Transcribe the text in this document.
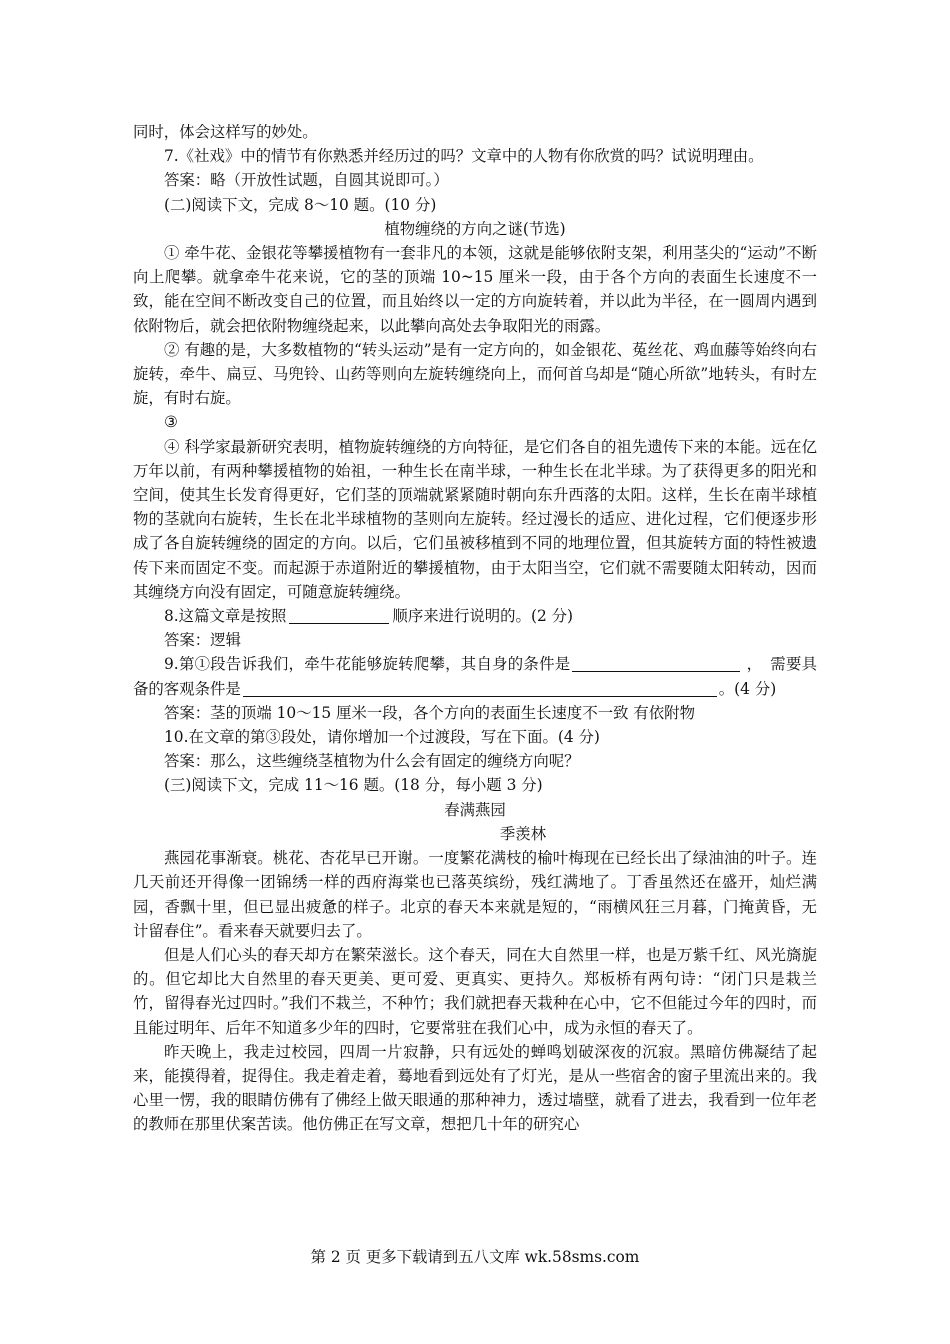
同时，体会这样写的妙处。

7.《社戏》中的情节有你熟悉并经历过的吗？文章中的人物有你欣赏的吗？试说明理由。

答案：略（开放性试题，自圆其说即可。）

(二)阅读下文，完成 8～10 题。(10 分)

植物缠绕的方向之谜(节选)

① 牵牛花、金银花等攀援植物有一套非凡的本领，这就是能够依附支架，利用茎尖的“运动”不断向上爬攀。就拿牵牛花来说，它的茎的顶端 10~15 厘米一段，由于各个方向的表面生长速度不一致，能在空间不断改变自己的位置，而且始终以一定的方向旋转着，并以此为半径，在一圆周内遇到依附物后，就会把依附物缠绕起来，以此攀向高处去争取阳光的雨露。

② 有趣的是，大多数植物的“转头运动”是有一定方向的，如金银花、菟丝花、鸡血藤等始终向右旋转，牵牛、扁豆、马兜铃、山药等则向左旋转缠绕向上，而何首乌却是“随心所欲”地转头，有时左旋，有时右旋。

③

④ 科学家最新研究表明，植物旋转缠绕的方向特征，是它们各自的祖先遗传下来的本能。远在亿万年以前，有两种攀援植物的始祖，一种生长在南半球，一种生长在北半球。为了获得更多的阳光和空间，使其生长发育得更好，它们茎的顶端就紧紧随时朝向东升西落的太阳。这样，生长在南半球植物的茎就向右旋转，生长在北半球植物的茎则向左旋转。经过漫长的适应、进化过程，它们便逐步形成了各自旋转缠绕的固定的方向。以后，它们虽被移植到不同的地理位置，但其旋转方面的特性被遗传下来而固定不变。而起源于赤道附近的攀援植物，由于太阳当空，它们就不需要随太阳转动，因而其缠绕方向没有固定，可随意旋转缠绕。

8.这篇文章是按照	顺序来进行说明的。(2 分)

答案：逻辑

9.第①段告诉我们，牵牛花能够旋转爬攀，其自身的条件是	，　需要具备的客观条件是	。(4 分)

答案：茎的顶端 10～15 厘米一段，各个方向的表面生长速度不一致 有依附物

10.在文章的第③段处，请你增加一个过渡段，写在下面。(4 分)

答案：那么，这些缠绕茎植物为什么会有固定的缠绕方向呢？

(三)阅读下文，完成 11～16 题。(18 分，每小题 3 分)

春满燕园

季羡林

燕园花事渐衰。桃花、杏花早已开谢。一度繁花满枝的榆叶梅现在已经长出了绿油油的叶子。连几天前还开得像一团锦绣一样的西府海棠也已落英缤纷，残红满地了。丁香虽然还在盛开，灿烂满园，香飘十里，但已显出疲惫的样子。北京的春天本来就是短的，“雨横风狂三月暮，门掩黄昏，无计留春住”。看来春天就要归去了。

但是人们心头的春天却方在繁荣滋长。这个春天，同在大自然里一样，也是万紫千红、风光旖旎的。但它却比大自然里的春天更美、更可爱、更真实、更持久。郑板桥有两句诗：“闭门只是栽兰竹，留得春光过四时。”我们不栽兰，不种竹；我们就把春天栽种在心中，它不但能过今年的四时，而且能过明年、后年不知道多少年的四时，它要常驻在我们心中，成为永恒的春天了。

昨天晚上，我走过校园，四周一片寂静，只有远处的蝉鸣划破深夜的沉寂。黑暗仿佛凝结了起来，能摸得着，捉得住。我走着走着，蓦地看到远处有了灯光，是从一些宿舍的窗子里流出来的。我心里一愣，我的眼睛仿佛有了佛经上做天眼通的那种神力，透过墙壁，就看了进去，我看到一位年老的教师在那里伏案苦读。他仿佛正在写文章，想把几十年的研究心

第 2 页 更多下载请到五八文库 wk.58sms.com
